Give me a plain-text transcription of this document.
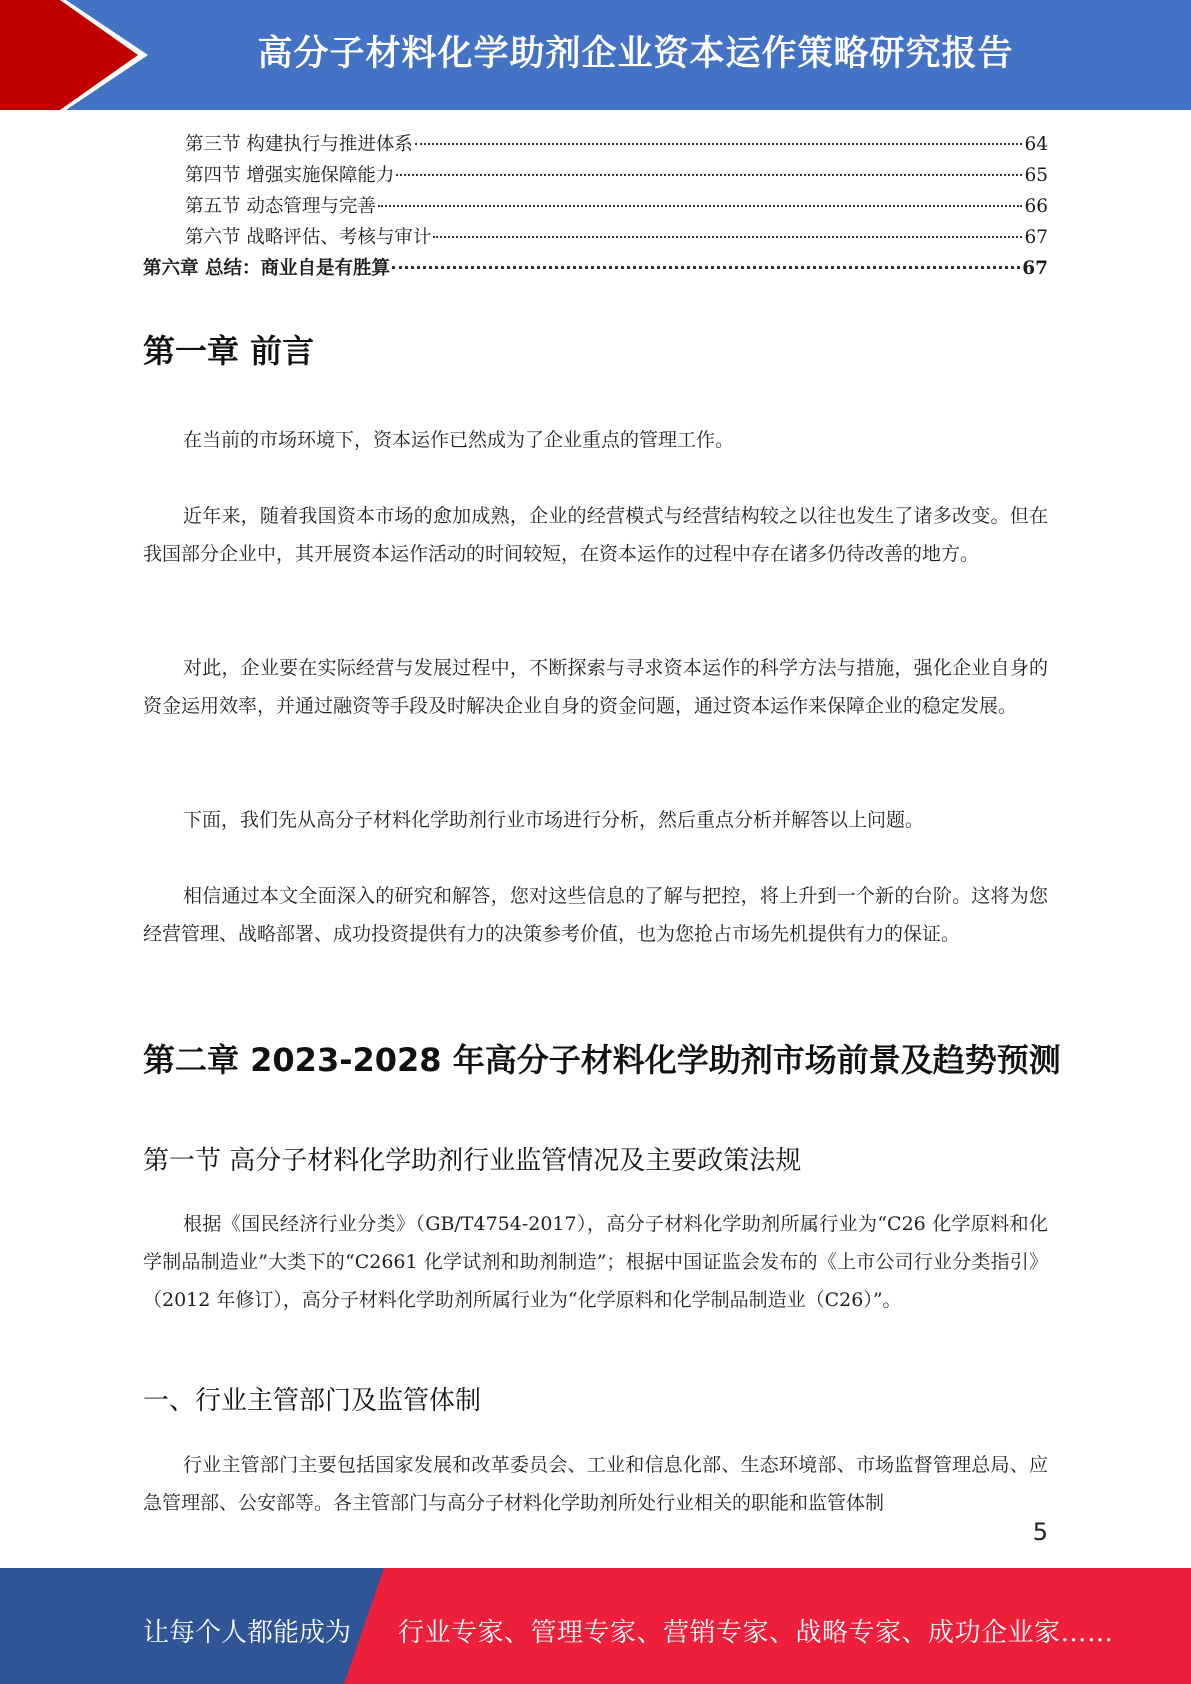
高分子材料化学助剂企业资本运作策略研究报告
第三节 构建执行与推进体系	64
第四节 增强实施保障能力	65
第五节 动态管理与完善	66
第六节 战略评估、考核与审计	67
第六章 总结：商业自是有胜算	67
第一章 前言

在当前的市场环境下，资本运作已然成为了企业重点的管理工作。

近年来，随着我国资本市场的愈加成熟，企业的经营模式与经营结构较之以往也发生了诸多改变。但在我国部分企业中，其开展资本运作活动的时间较短，在资本运作的过程中存在诸多仍待改善的地方。

对此，企业要在实际经营与发展过程中，不断探索与寻求资本运作的科学方法与措施，强化企业自身的资金运用效率，并通过融资等手段及时解决企业自身的资金问题，通过资本运作来保障企业的稳定发展。

下面，我们先从高分子材料化学助剂行业市场进行分析，然后重点分析并解答以上问题。

相信通过本文全面深入的研究和解答，您对这些信息的了解与把控，将上升到一个新的台阶。这将为您经营管理、战略部署、成功投资提供有力的决策参考价值，也为您抢占市场先机提供有力的保证。

第二章 2023-2028 年高分子材料化学助剂市场前景及趋势预测
第一节 高分子材料化学助剂行业监管情况及主要政策法规

根据《国民经济行业分类》（GB/T4754-2017），高分子材料化学助剂所属行业为“C26 化学原料和化学制品制造业”大类下的“C2661 化学试剂和助剂制造”；根据中国证监会发布的《上市公司行业分类指引》（2012 年修订），高分子材料化学助剂所属行业为“化学原料和化学制品制造业（C26）”。

一、行业主管部门及监管体制

行业主管部门主要包括国家发展和改革委员会、工业和信息化部、生态环境部、市场监督管理总局、应急管理部、公安部等。各主管部门与高分子材料化学助剂所处行业相关的职能和监管体制

5
让每个人都能成为 行业专家、管理专家、营销专家、战略专家、成功企业家……
